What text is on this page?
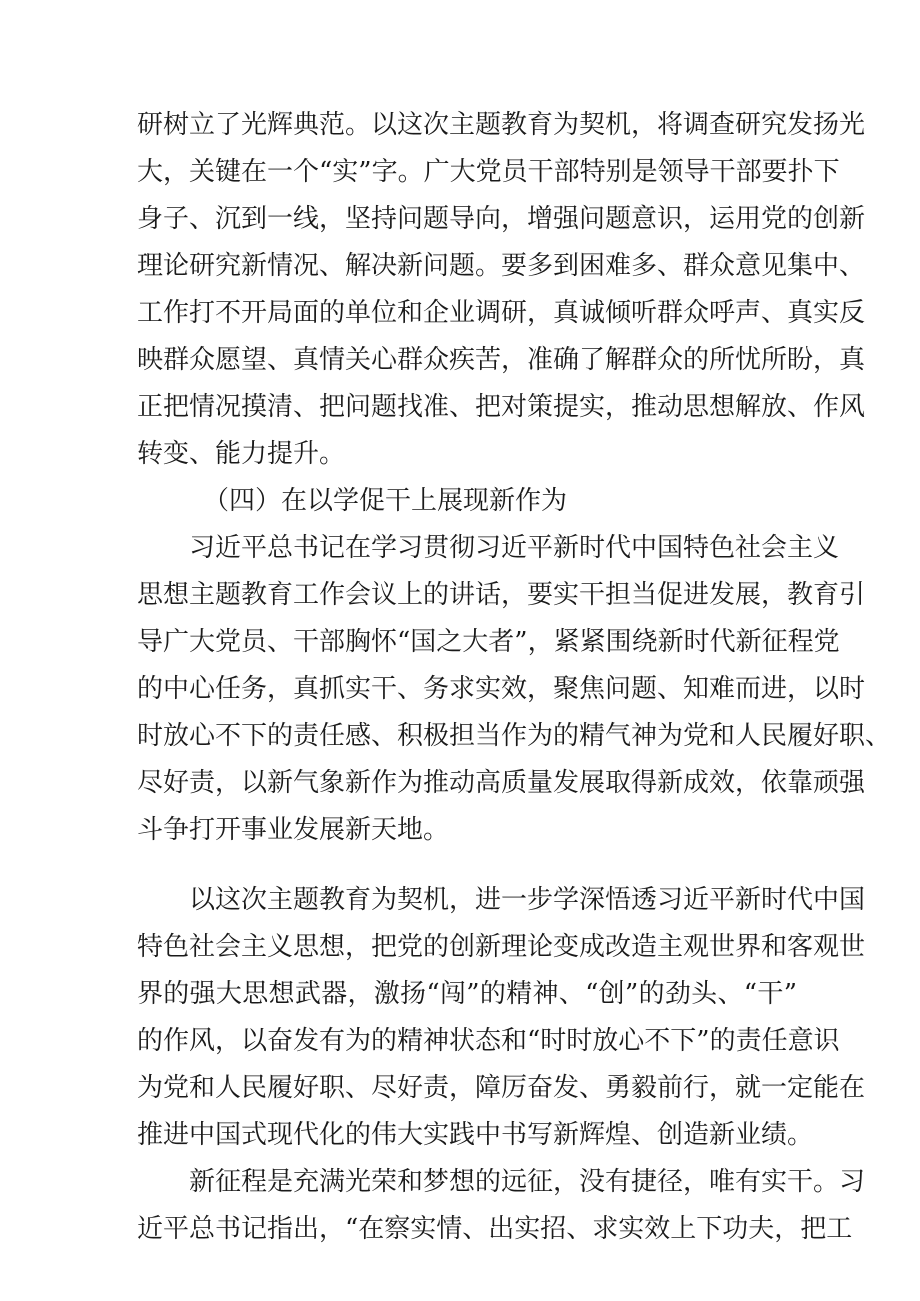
研树立了光辉典范。以这次主题教育为契机，将调查研究发扬光
大，关键在一个“实”字。广大党员干部特别是领导干部要扑下
身子、沉到一线，坚持问题导向，增强问题意识，运用党的创新
理论研究新情况、解决新问题。要多到困难多、群众意见集中、
工作打不开局面的单位和企业调研，真诚倾听群众呼声、真实反
映群众愿望、真情关心群众疾苦，准确了解群众的所忧所盼，真
正把情况摸清、把问题找准、把对策提实，推动思想解放、作风
转变、能力提升。
（四）在以学促干上展现新作为
习近平总书记在学习贯彻习近平新时代中国特色社会主义
思想主题教育工作会议上的讲话，要实干担当促进发展，教育引
导广大党员、干部胸怀“国之大者”，紧紧围绕新时代新征程党
的中心任务，真抓实干、务求实效，聚焦问题、知难而进，以时
时放心不下的责任感、积极担当作为的精气神为党和人民履好职、
尽好责，以新气象新作为推动高质量发展取得新成效，依靠顽强
斗争打开事业发展新天地。
以这次主题教育为契机，进一步学深悟透习近平新时代中国
特色社会主义思想，把党的创新理论变成改造主观世界和客观世
界的强大思想武器，激扬“闯”的精神、“创”的劲头、“干”
的作风，以奋发有为的精神状态和“时时放心不下”的责任意识
为党和人民履好职、尽好责，障厉奋发、勇毅前行，就一定能在
推进中国式现代化的伟大实践中书写新辉煌、创造新业绩。
新征程是充满光荣和梦想的远征，没有捷径，唯有实干。习
近平总书记指出，“在察实情、出实招、求实效上下功夫，把工
